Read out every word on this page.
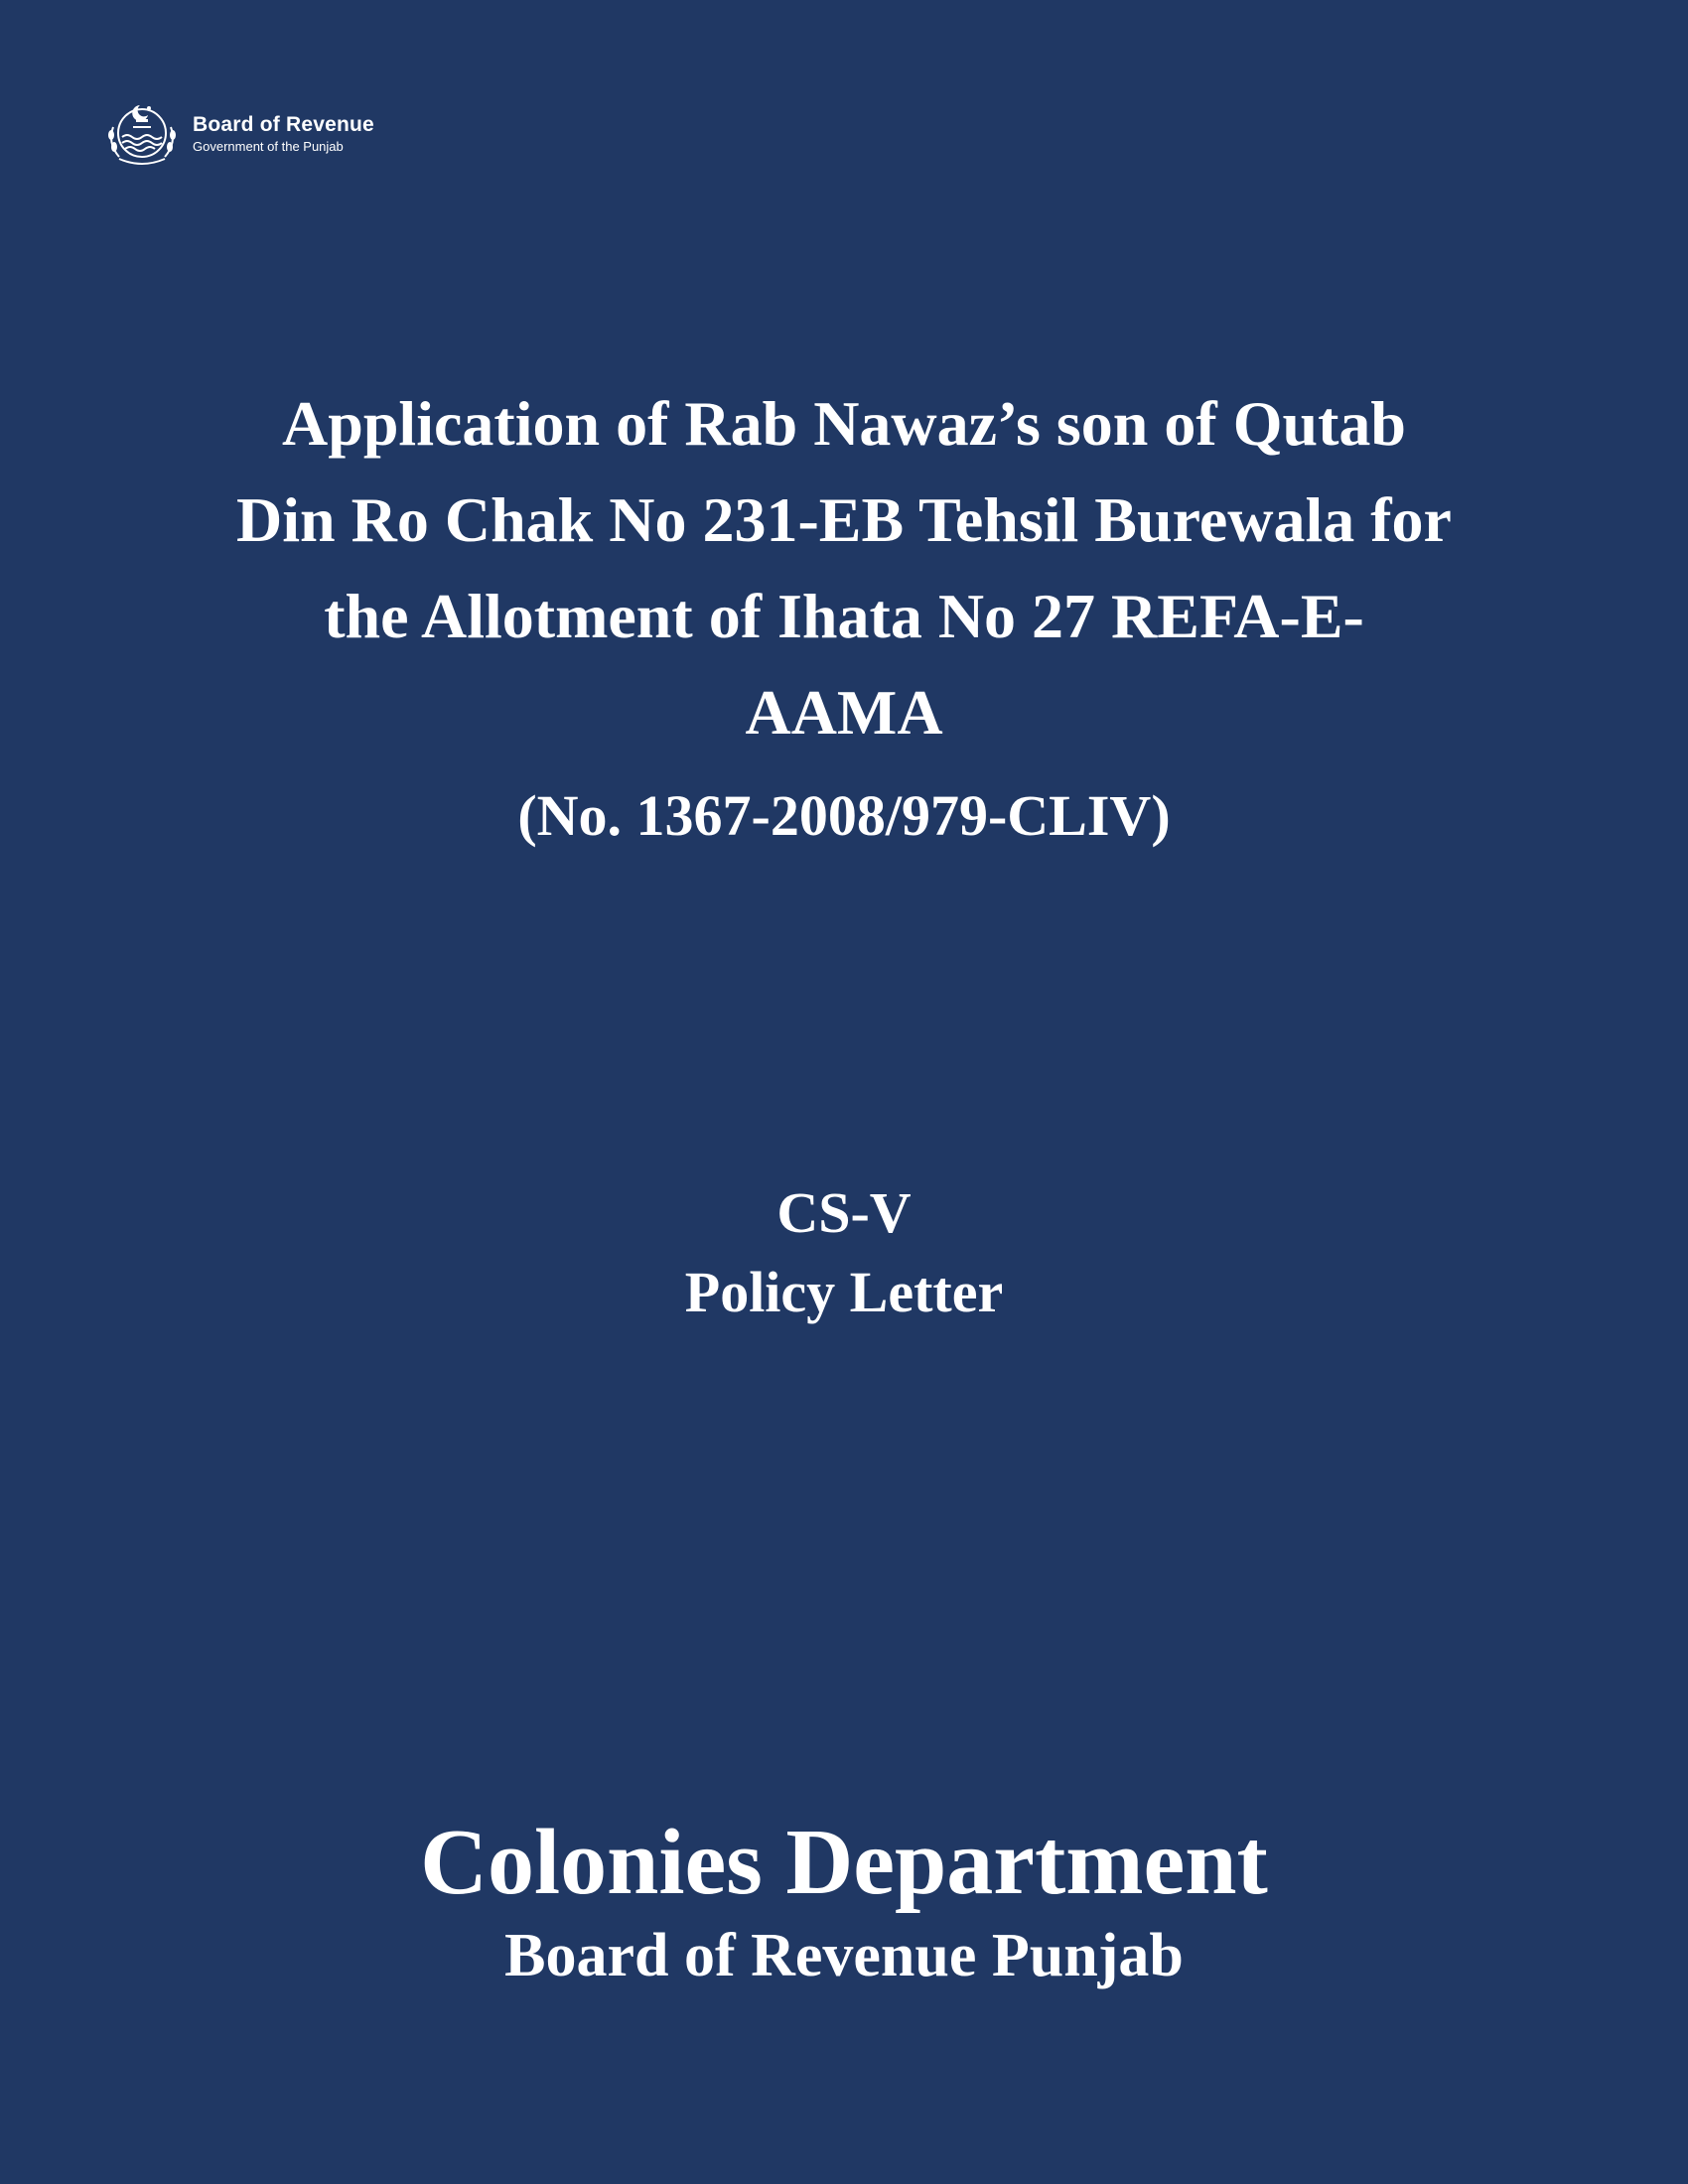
Board of Revenue
Government of the Punjab
Application of Rab Nawaz’s son of Qutab
Din Ro Chak No 231-EB Tehsil Burewala for
the Allotment of Ihata No 27 REFA-E-
AAMA
(No. 1367-2008/979-CLIV)
CS-V
Policy Letter
Colonies Department
Board of Revenue Punjab
